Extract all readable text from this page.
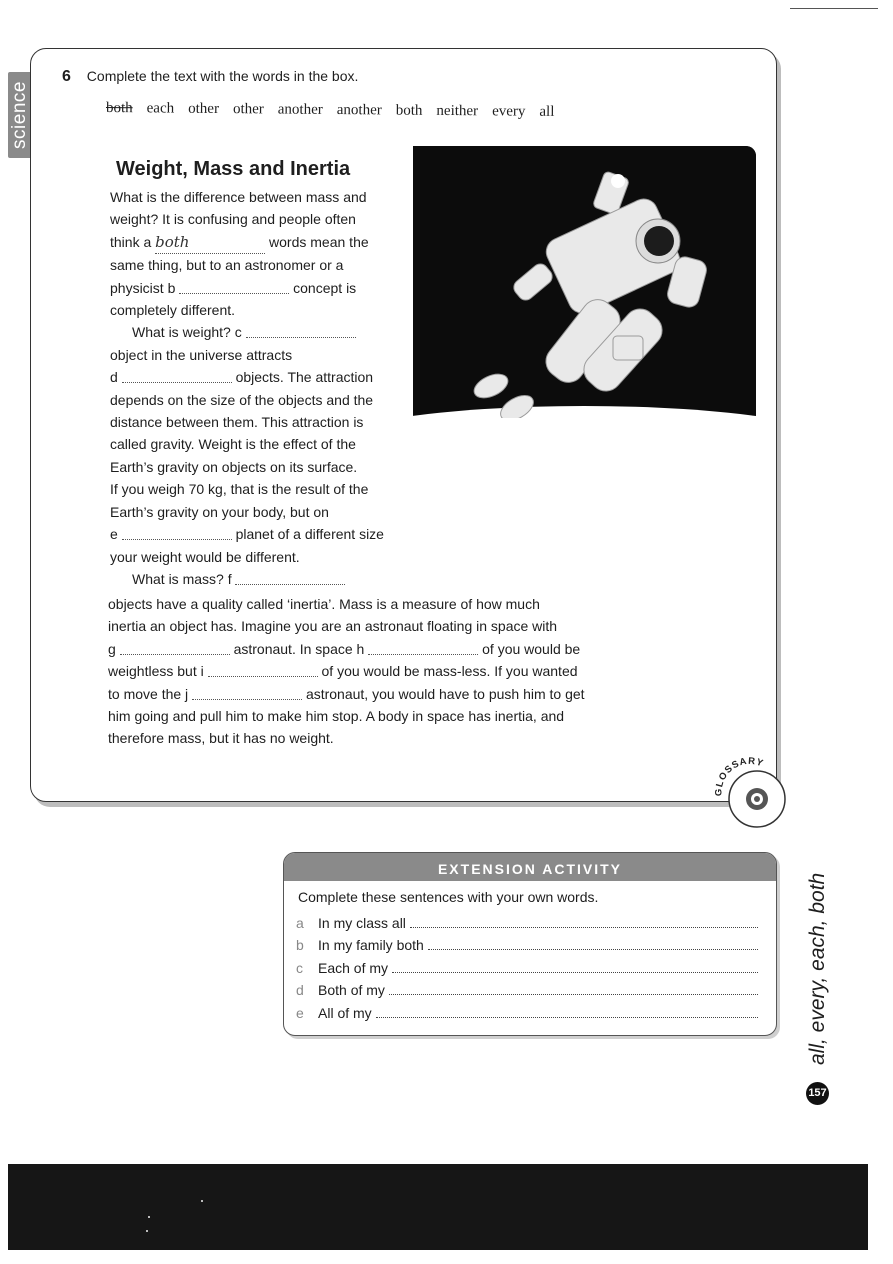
science
6 Complete the text with the words in the box.
both each other other another another both neither every all
Weight, Mass and Inertia

What is the difference between mass and

weight? It is confusing and people often

think a both	words mean the

same thing, but to an astronomer or a

physicist b	concept is

completely different.

What is weight? c

object in the universe attracts

d	objects. The attraction

depends on the size of the objects and the

distance between them. This attraction is

called gravity. Weight is the effect of the

Earth’s gravity on objects on its surface.

If you weigh 70 kg, that is the result of the

Earth’s gravity on your body, but on

e	planet of a different size

your weight would be different.

What is mass? f

objects have a quality called ‘inertia’. Mass is a measure of how much

inertia an object has. Imagine you are an astronaut floating in space with

g	astronaut. In space h	of you would be

weightless but i	of you would be mass-less. If you wanted

to move the j	astronaut, you would have to push him to get

him going and pull him to make him stop. A body in space has inertia, and

therefore mass, but it has no weight.

GLOSSARY
EXTENSION ACTIVITY

Complete these sentences with your own words.

a	In my class all
b	In my family both
c	Each of my
d	Both of my
e	All of my	all, every, each, both
157
